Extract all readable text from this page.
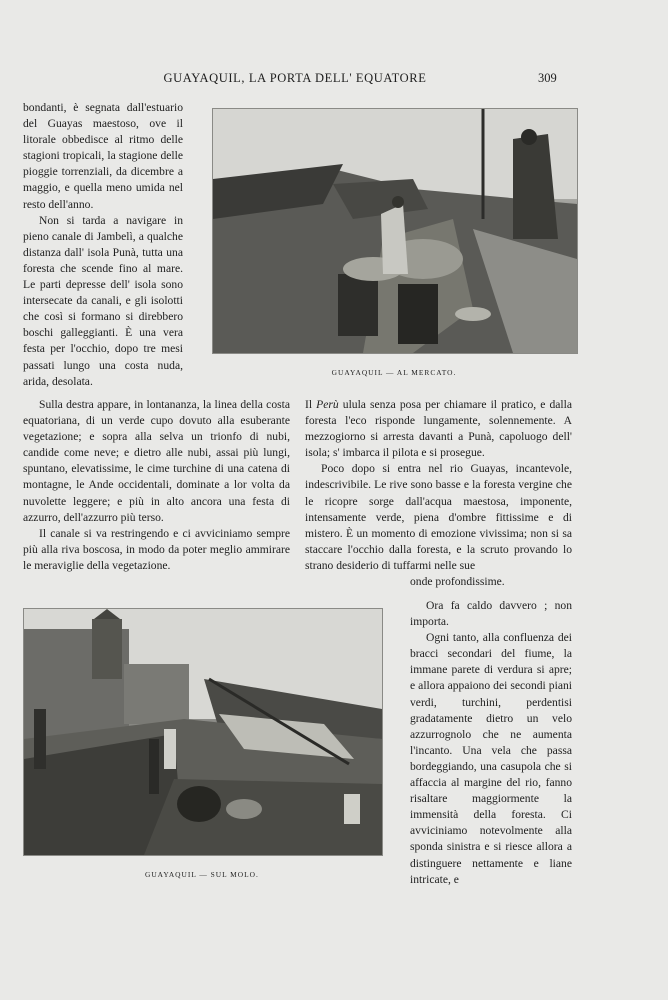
GUAYAQUIL, LA PORTA DELL' EQUATORE	309

bondanti, è segnata dall'estuario del Guayas maestoso, ove il litorale obbedisce al ritmo delle stagioni tropicali, la stagione delle pioggie torrenziali, da dicembre a maggio, e quella meno umida nel resto dell'anno.

Non si tarda a navigare in pieno canale di Jambelì, a qualche distanza dall' isola Punà, tutta una foresta che scende fino al mare. Le parti depresse dell' isola sono intersecate da canali, e gli isolotti che così si formano si direbbero boschi galleggianti. È una vera festa per l'occhio, dopo tre mesi passati lungo una costa nuda, arida, desolata.

GUAYAQUIL — AL MERCATO.

Sulla destra appare, in lontananza, la linea della costa equatoriana, di un verde cupo dovuto alla esuberante vegetazione; e sopra alla selva un trionfo di nubi, candide come neve; e dietro alle nubi, assai più lungi, spuntano, elevatissime, le cime turchine di una catena di montagne, le Ande occidentali, dominate a lor volta da nuvolette leggere; e più in alto ancora una festa di azzurro, dell'azzurro più terso.

Il canale si va restringendo e ci avviciniamo sempre più alla riva boscosa, in modo da poter meglio ammirare le meraviglie della vegetazione.

Il Perù ulula senza posa per chiamare il pratico, e dalla foresta l'eco risponde lungamente, solennemente. A mezzogiorno si arresta davanti a Punà, capoluogo dell' isola; s' imbarca il pilota e si prosegue.

Poco dopo si entra nel rio Guayas, incantevole, indescrivibile. Le rive sono basse e la foresta vergine che le ricopre sorge dall'acqua maestosa, imponente, intensamente verde, piena d'ombre fittissime e di mistero. È un momento di emozione vivissima; non si sa staccare l'occhio dalla foresta, e la scruto provando lo strano desiderio di tuffarmi nelle sue

onde profondissime.

GUAYAQUIL — SUL MOLO.

Ora fa caldo davvero ; non importa.

Ogni tanto, alla confluenza dei bracci secondari del fiume, la immane parete di verdura si apre; e allora appaiono dei secondi piani verdi, turchini, perdentisi gradatamente dietro un velo azzurrognolo che ne aumenta l'incanto. Una vela che passa bordeggiando, una casupola che si affaccia al margine del rio, fanno risaltare maggiormente la immensità della foresta. Ci avviciniamo notevolmente alla sponda sinistra e si riesce allora a distinguere nettamente e liane intricate, e
